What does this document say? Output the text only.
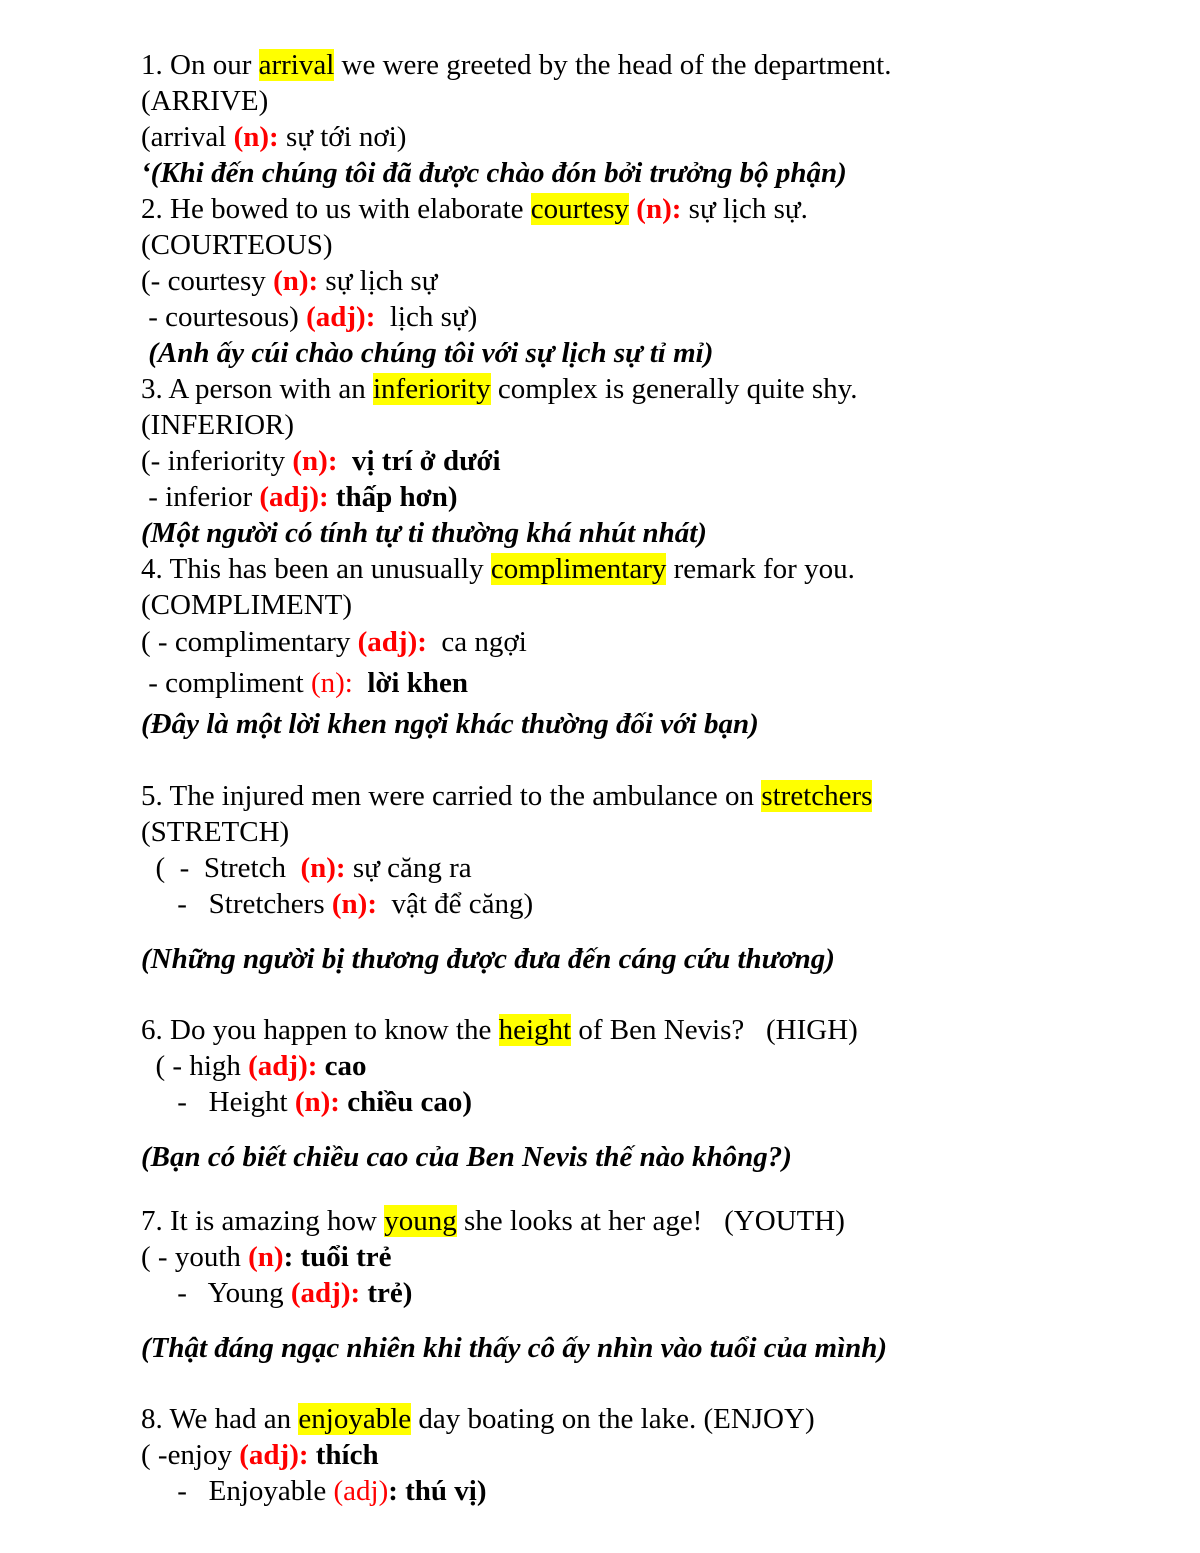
1. On our arrival we were greeted by the head of the department.
(ARRIVE)
(arrival (n): sự tới nơi)
‘(Khi đến chúng tôi đã được chào đón bởi trưởng bộ phận)
2. He bowed to us with elaborate courtesy (n): sự lịch sự.
(COURTEOUS)
(- courtesy (n): sự lịch sự
- courtesous) (adj):  lịch sự)
(Anh ấy cúi chào chúng tôi với sự lịch sự tỉ mỉ)
3. A person with an inferiority complex is generally quite shy.
(INFERIOR)
(- inferiority (n):  vị trí ở dưới
- inferior (adj): thấp hơn)
(Một người có tính tự ti thường khá nhút nhát)
4. This has been an unusually complimentary remark for you.
(COMPLIMENT)
( - complimentary (adj):  ca ngợi
- compliment (n):  lời khen
(Đây là một lời khen ngợi khác thường đối với bạn)
5. The injured men were carried to the ambulance on stretchers
(STRETCH)
(  -  Stretch  (n): sự căng ra
-   Stretchers (n):  vật để căng)
(Những người bị thương được đưa đến cáng cứu thương)
6. Do you happen to know the height of Ben Nevis?   (HIGH)
( - high (adj): cao
-   Height (n): chiều cao)
(Bạn có biết chiều cao của Ben Nevis thế nào không?)
7. It is amazing how young she looks at her age!   (YOUTH)
( - youth (n): tuổi trẻ
-   Young (adj): trẻ)
(Thật đáng ngạc nhiên khi thấy cô ấy nhìn vào tuổi của mình)
8. We had an enjoyable day boating on the lake. (ENJOY)
( -enjoy (adj): thích
-   Enjoyable (adj): thú vị)
